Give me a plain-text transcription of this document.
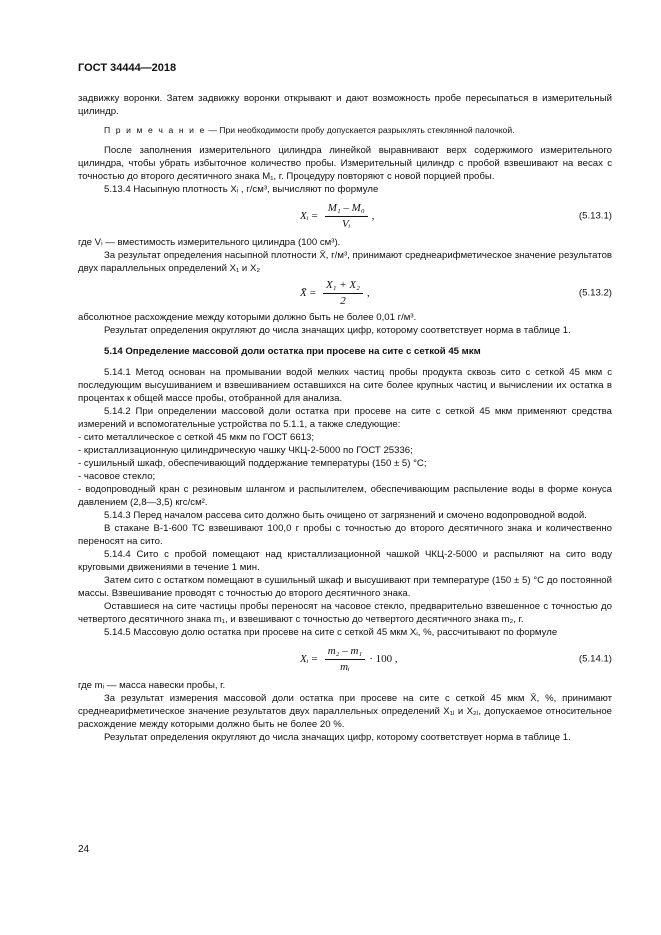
ГОСТ 34444—2018

задвижку воронки. Затем задвижку воронки открывают и дают возможность пробе пересыпаться в измерительный цилиндр.

П р и м е ч а н и е — При необходимости пробу допускается разрыхлять стеклянной палочкой.

После заполнения измерительного цилиндра линейкой выравнивают верх содержимого измерительного цилиндра, чтобы убрать избыточное количество пробы. Измерительный цилиндр с пробой взвешивают на весах с точностью до второго десятичного знака M₁, г. Процедуру повторяют с новой порцией пробы.

5.13.4 Насыпную плотность Xᵢ , г/см³, вычисляют по формуле

Xᵢ = $\frac{\text{M₁ – M₀}}{\text{Vᵢ}}$ ,	(5.13.1)

где Vᵢ — вместимость измерительного цилиндра (100 см³).

За результат определения насыпной плотности X̄, г/м³, принимают среднеарифметическое значение результатов двух параллельных определений X₁ и X₂

X̄ = $\frac{\text{X₁ + X₂}}{2}$ ,	(5.13.2)

абсолютное расхождение между которыми должно быть не более 0,01 г/м³.

Результат определения округляют до числа значащих цифр, которому соответствует норма в таблице 1.

5.14 Определение массовой доли остатка при просеве на сите с сеткой 45 мкм

5.14.1 Метод основан на промывании водой мелких частиц пробы продукта сквозь сито с сеткой 45 мкм с последующим высушиванием и взвешиванием оставшихся на сите более крупных частиц и вычислении их остатка в процентах к общей массе пробы, отобранной для анализа.

5.14.2 При определении массовой доли остатка при просеве на сите с сеткой 45 мкм применяют средства измерений и вспомогательные устройства по 5.1.1, а также следующие:

- сито металлическое с сеткой 45 мкм по ГОСТ 6613;

- кристаллизационную цилиндрическую чашку ЧКЦ-2-5000 по ГОСТ 25336;

- сушильный шкаф, обеспечивающий поддержание температуры (150 ± 5) °С;

- часовое стекло;

- водопроводный кран с резиновым шлангом и распылителем, обеспечивающим распыление воды в форме конуса давлением (2,8—3,5) кгс/см².

5.14.3 Перед началом рассева сито должно быть очищено от загрязнений и смочено водопроводной водой.

В стакане В-1-600 ТС взвешивают 100,0 г пробы с точностью до второго десятичного знака и количественно переносят на сито.

5.14.4 Сито с пробой помещают над кристаллизационной чашкой ЧКЦ-2-5000 и распыляют на сито воду круговыми движениями в течение 1 мин.

Затем сито с остатком помещают в сушильный шкаф и высушивают при температуре (150 ± 5) °С до постоянной массы. Взвешивание проводят с точностью до второго десятичного знака.

Оставшиеся на сите частицы пробы переносят на часовое стекло, предварительно взвешенное с точностью до четвертого десятичного знака m₁, и взвешивают с точностью до четвертого десятичного знака m₂, г.

5.14.5 Массовую долю остатка при просеве на сите с сеткой 45 мкм Xᵢ, %, рассчитывают по формуле

Xᵢ = $\frac{\text{m₂ – m₁}}{\text{mᵢ}} \cdot 100$ ,	(5.14.1)

где mᵢ — масса навески пробы, г.

За результат измерения массовой доли остатка при просеве на сите с сеткой 45 мкм X̄, %, принимают среднеарифметическое значение результатов двух параллельных определений X₁ⱼ и X₂ⱼ, допускаемое относительное расхождение между которыми должно быть не более 20 %.

Результат определения округляют до числа значащих цифр, которому соответствует норма в таблице 1.

24
